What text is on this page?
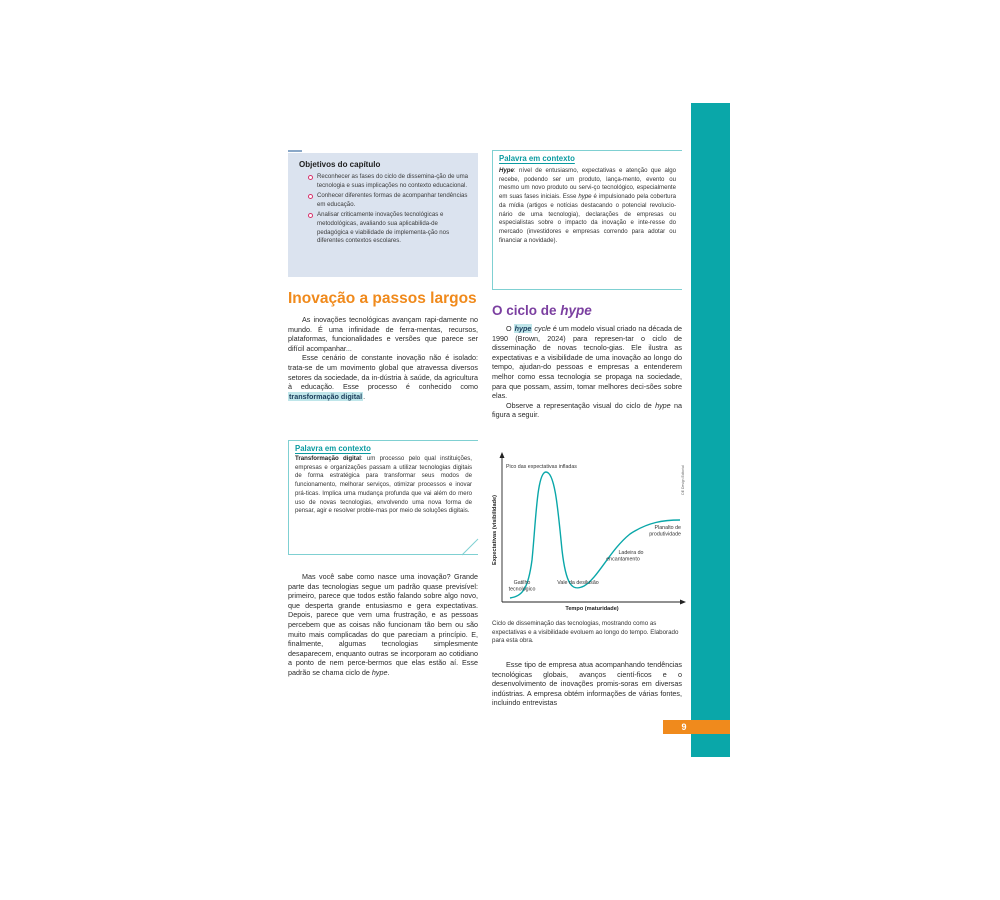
9
Objetivos do capítulo
Reconhecer as fases do ciclo de dissemina-ção de uma tecnologia e suas implicações no contexto educacional.
Conhecer diferentes formas de acompanhar tendências em educação.
Analisar criticamente inovações tecnológicas e metodológicas, avaliando sua aplicabilida-de pedagógica e viabilidade de implementa-ção nos diferentes contextos escolares.
Inovação a passos largos

As inovações tecnológicas avançam rapi-damente no mundo. É uma infinidade de ferra-mentas, recursos, plataformas, funcionalidades e versões que parece ser difícil acompanhar...

Esse cenário de constante inovação não é isolado: trata-se de um movimento global que atravessa diversos setores da sociedade, da in-dústria à saúde, da agricultura à educação. Esse processo é conhecido como transformação digital.

Palavra em contexto
Transformação digital: um processo pelo qual instituições, empresas e organizações passam a utilizar tecnologias digitais de forma estratégica para transformar seus modos de funcionamento, melhorar serviços, otimizar processos e inovar prá-ticas. Implica uma mudança profunda que vai além do mero uso de novas tecnologias, envolvendo uma nova forma de pensar, agir e resolver proble-mas por meio de soluções digitais.

Mas você sabe como nasce uma inovação? Grande parte das tecnologias segue um padrão quase previsível: primeiro, parece que todos estão falando sobre algo novo, que desperta grande entusiasmo e gera expectativas. Depois, parece que vem uma frustração, e as pessoas percebem que as coisas não funcionam tão bem ou são muito mais complicadas do que pareciam a princípio. E, finalmente, algumas tecnologias simplesmente desaparecem, enquanto outras se incorporam ao cotidiano a ponto de nem perce-bermos que elas estão aí. Esse padrão se chama ciclo de hype.

Palavra em contexto
Hype: nível de entusiasmo, expectativas e atenção que algo recebe, podendo ser um produto, lança-mento, evento ou mesmo um novo produto ou servi-ço tecnológico, especialmente em suas fases iniciais. Esse hype é impulsionado pela cobertura da mídia (artigos e notícias destacando o potencial revolucio-nário de uma tecnologia), declarações de empresas ou especialistas sobre o impacto da inovação e inte-resse do mercado (investidores e empresas correndo para adotar ou financiar a novidade).
O ciclo de hype

O hype cycle é um modelo visual criado na década de 1990 (Brown, 2024) para represen-tar o ciclo de disseminação de novas tecnolo-gias. Ele ilustra as expectativas e a visibilidade de uma inovação ao longo do tempo, ajudan-do pessoas e empresas a entenderem melhor como essa tecnologia se propaga na sociedade, para que possam, assim, tomar melhores deci-sões sobre elas.

Observe a representação visual do ciclo de hype na figura a seguir.

Expectativas (visibilidade)
Tempo (maturidade)
DE Design Editorial
Pico das expectativas infladas
Planalto de produtividade
Ladeira do encantamento
Gatilho tecnológico
Vale da desilusão
Ciclo de disseminação das tecnologias, mostrando como as expectativas e a visibilidade evoluem ao longo do tempo. Elaborado para esta obra.

Esse tipo de empresa atua acompanhando tendências tecnológicas globais, avanços cientí-ficos e o desenvolvimento de inovações promis-soras em diversas indústrias. A empresa obtém informações de várias fontes, incluindo entrevistas
